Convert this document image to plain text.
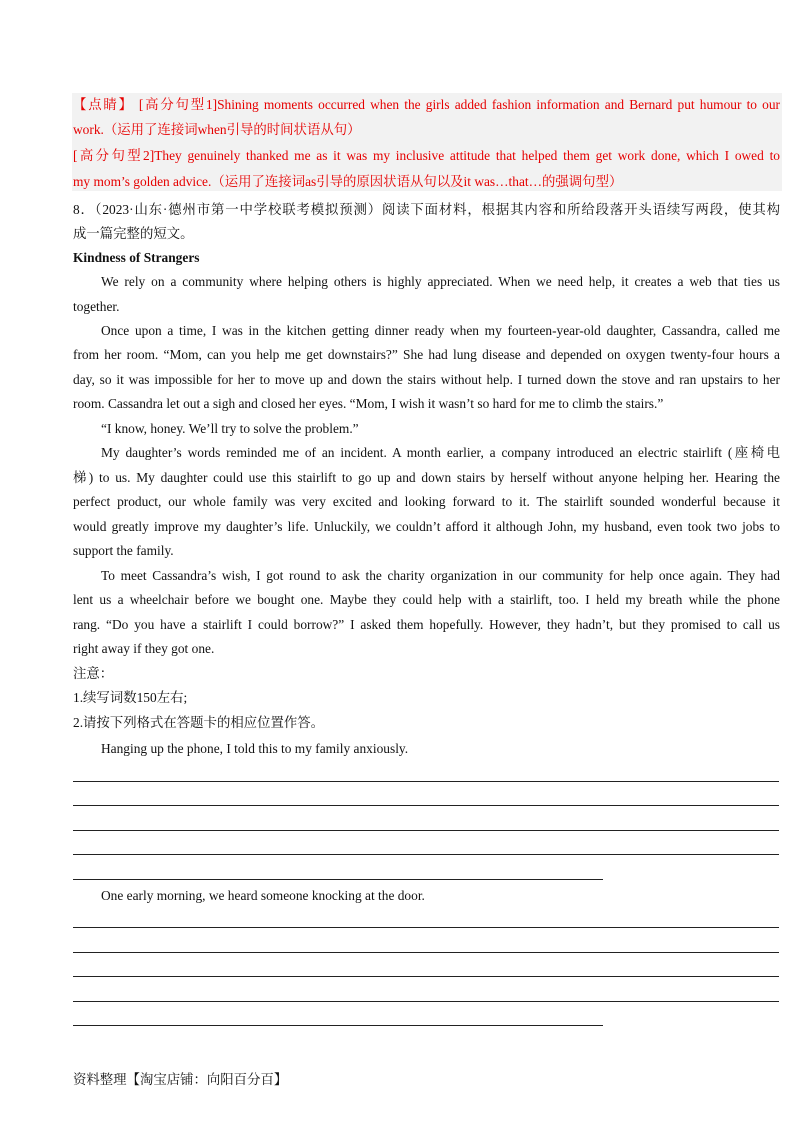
【点睛】 [高分句型1]Shining moments occurred when the girls added fashion information and Bernard put humour to our
work.（运用了连接词when引导的时间状语从句）
[高分句型2]They genuinely thanked me as it was my inclusive attitude that helped them get work done, which I owed to
my mom’s golden advice.（运用了连接词as引导的原因状语从句以及it was…that…的强调句型）
8．（2023·山东·德州市第一中学校联考模拟预测）阅读下面材料，根据其内容和所给段落开头语续写两段，使其构
成一篇完整的短文。
Kindness of Strangers
We rely on a community where helping others is highly appreciated. When we need help, it creates a web that ties us
together.
Once upon a time, I was in the kitchen getting dinner ready when my fourteen-year-old daughter, Cassandra, called me
from her room. “Mom, can you help me get downstairs?” She had lung disease and depended on oxygen twenty-four hours a
day, so it was impossible for her to move up and down the stairs without help. I turned down the stove and ran upstairs to her
room. Cassandra let out a sigh and closed her eyes. “Mom, I wish it wasn’t so hard for me to climb the stairs.”
“I know, honey. We’ll try to solve the problem.”
My daughter’s words reminded me of an incident. A month earlier, a company introduced an electric stairlift (座椅电
梯) to us. My daughter could use this stairlift to go up and down stairs by herself without anyone helping her. Hearing the
perfect product, our whole family was very excited and looking forward to it. The stairlift sounded wonderful because it
would greatly improve my daughter’s life. Unluckily, we couldn’t afford it although John, my husband, even took two jobs to
support the family.
To meet Cassandra’s wish, I got round to ask the charity organization in our community for help once again. They had
lent us a wheelchair before we bought one. Maybe they could help with a stairlift, too. I held my breath while the phone
rang. “Do you have a stairlift I could borrow?” I asked them hopefully. However, they hadn’t, but they promised to call us
right away if they got one.
注意：
1.续写词数150左右;
2.请按下列格式在答题卡的相应位置作答。
Hanging up the phone, I told this to my family anxiously.
One early morning, we heard someone knocking at the door.
资料整理【淘宝店铺：向阳百分百】
